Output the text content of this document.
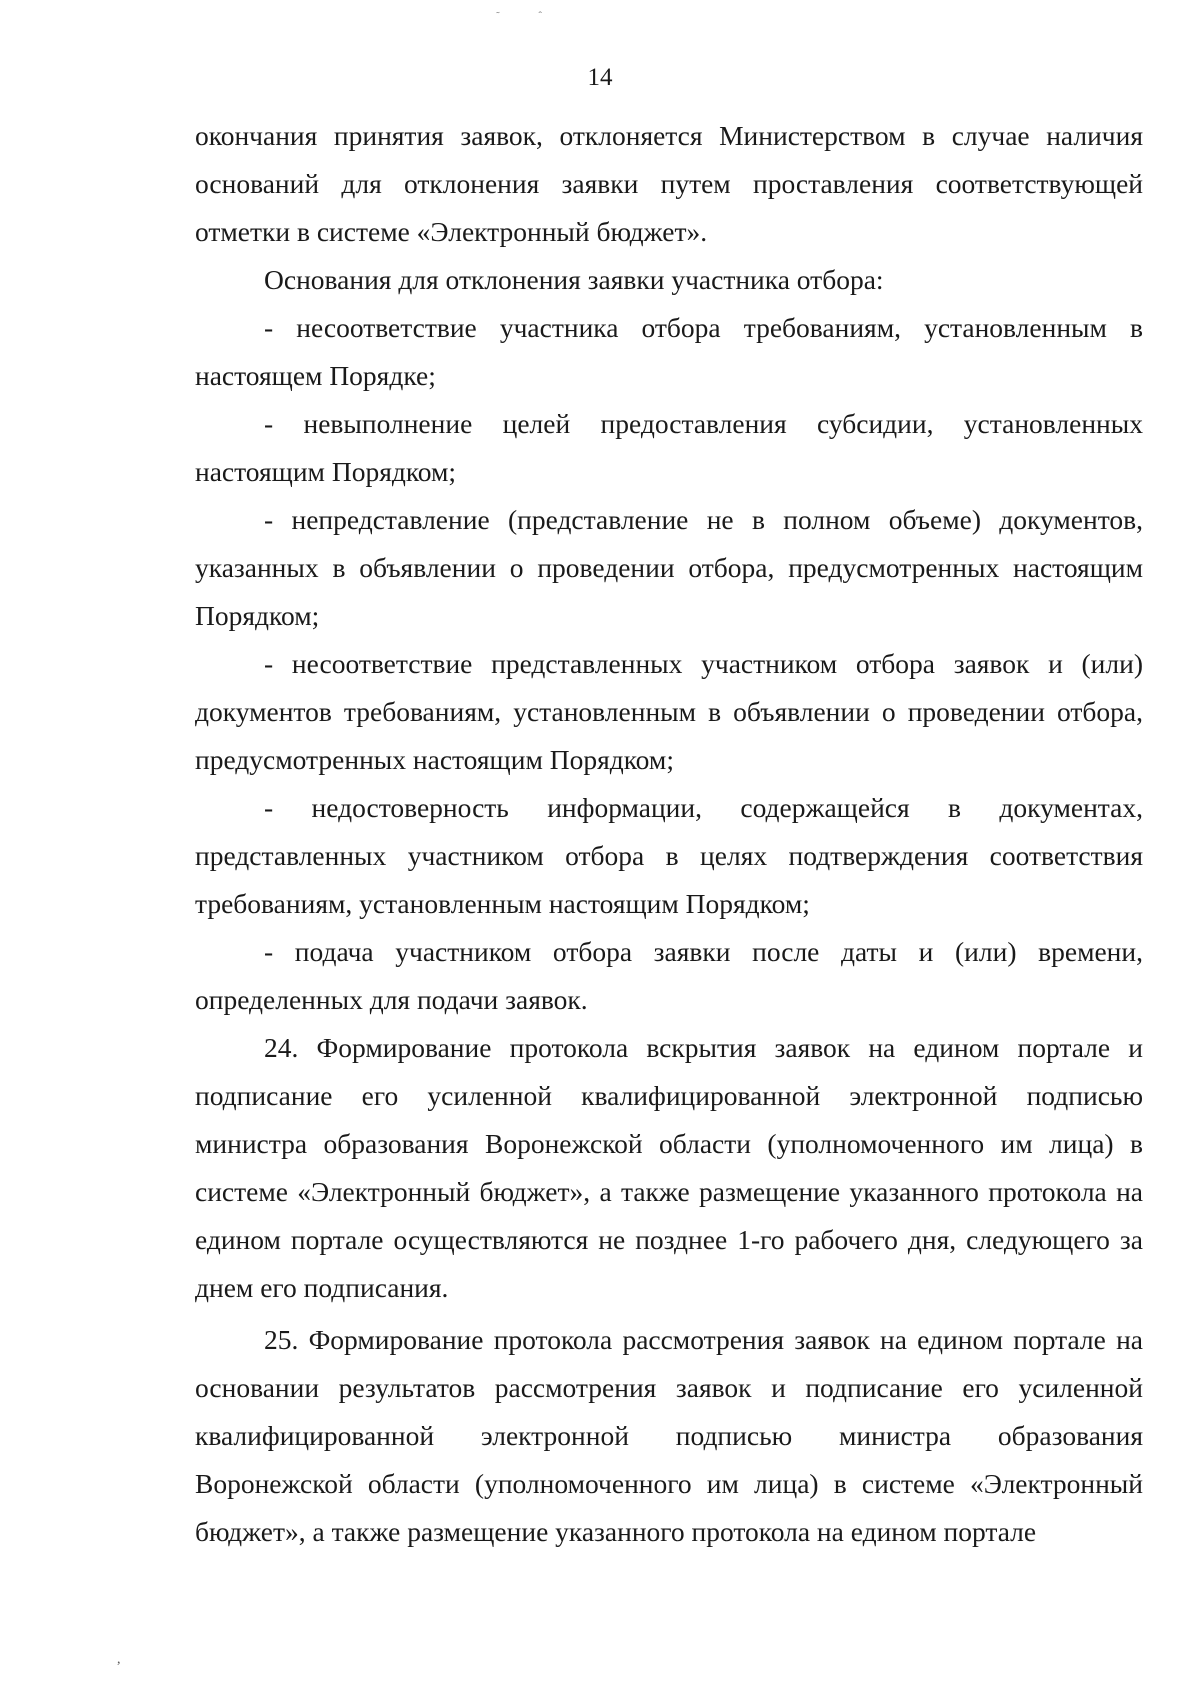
˜ ˆ
14

окончания принятия заявок, отклоняется Министерством в случае наличия оснований для отклонения заявки путем проставления соответствующей отметки в системе «Электронный бюджет».

Основания для отклонения заявки участника отбора:

- несоответствие участника отбора требованиям, установленным в настоящем Порядке;

- невыполнение целей предоставления субсидии, установленных настоящим Порядком;

- непредставление (представление не в полном объеме) документов, указанных в объявлении о проведении отбора, предусмотренных настоящим Порядком;

- несоответствие представленных участником отбора заявок и (или) документов требованиям, установленным в объявлении о проведении отбора, предусмотренных настоящим Порядком;

- недостоверность информации, содержащейся в документах, представленных участником отбора в целях подтверждения соответствия требованиям, установленным настоящим Порядком;

- подача участником отбора заявки после даты и (или) времени, определенных для подачи заявок.

24. Формирование протокола вскрытия заявок на едином портале и подписание его усиленной квалифицированной электронной подписью министра образования Воронежской области (уполномоченного им лица) в системе «Электронный бюджет», а также размещение указанного протокола на едином портале осуществляются не позднее 1-го рабочего дня, следующего за днем его подписания.

25. Формирование протокола рассмотрения заявок на едином портале на основании результатов рассмотрения заявок и подписание его усиленной квалифицированной электронной подписью министра образования Воронежской области (уполномоченного им лица) в системе «Электронный бюджет», а также размещение указанного протокола на едином портале

,
